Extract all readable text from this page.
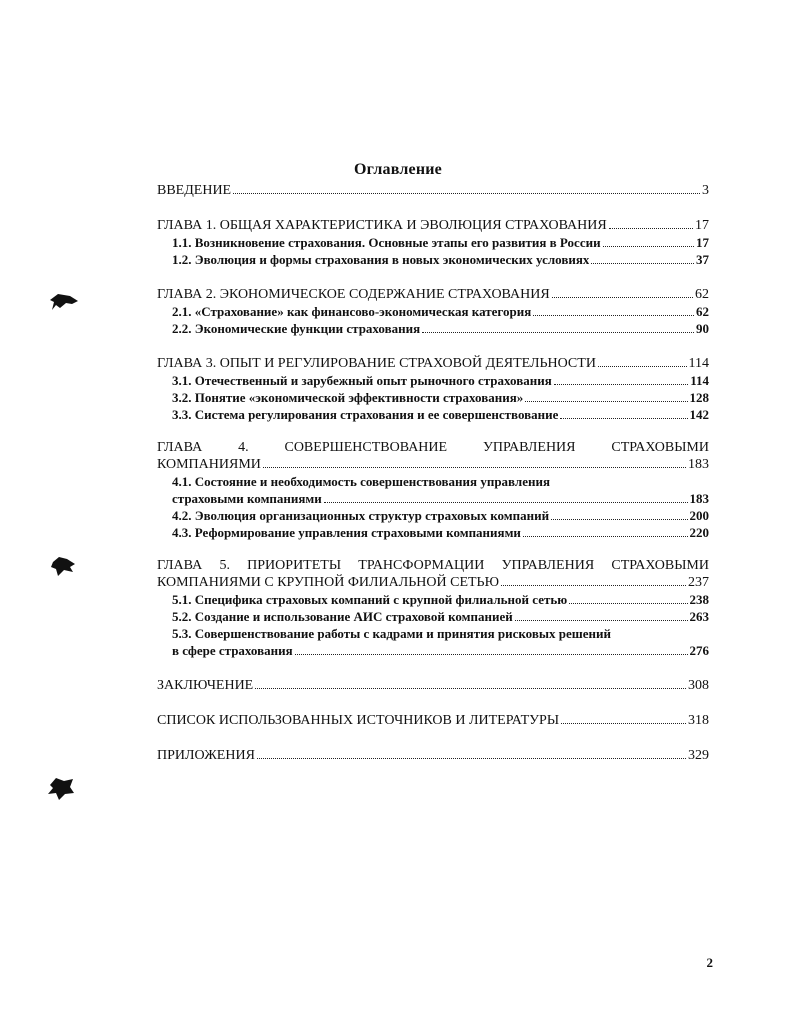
Оглавление
ВВЕДЕНИЕ	3
ГЛАВА 1. ОБЩАЯ ХАРАКТЕРИСТИКА И ЭВОЛЮЦИЯ СТРАХОВАНИЯ	17
1.1. Возникновение страхования. Основные этапы его развития в России	17
1.2. Эволюция и формы страхования в новых экономических условиях	37
ГЛАВА 2. ЭКОНОМИЧЕСКОЕ СОДЕРЖАНИЕ СТРАХОВАНИЯ	62
2.1. «Страхование» как финансово-экономическая категория	62
2.2. Экономические функции страхования	90
ГЛАВА 3. ОПЫТ И РЕГУЛИРОВАНИЕ СТРАХОВОЙ ДЕЯТЕЛЬНОСТИ	114
3.1. Отечественный и зарубежный опыт рыночного страхования	114
3.2. Понятие «экономической эффективности страхования»	128
3.3. Система регулирования страхования и ее совершенствование	142
ГЛАВА 4. СОВЕРШЕНСТВОВАНИЕ УПРАВЛЕНИЯ СТРАХОВЫМИ
КОМПАНИЯМИ	183
4.1. Состояние и необходимость совершенствования управления
страховыми компаниями	183
4.2. Эволюция организационных структур страховых компаний	200
4.3. Реформирование управления страховыми компаниями	220
ГЛАВА 5. ПРИОРИТЕТЫ ТРАНСФОРМАЦИИ УПРАВЛЕНИЯ СТРАХОВЫМИ
КОМПАНИЯМИ С КРУПНОЙ ФИЛИАЛЬНОЙ СЕТЬЮ	237
5.1. Специфика страховых компаний с крупной филиальной сетью	238
5.2. Создание и использование АИС страховой компанией	263
5.3. Совершенствование работы с кадрами и принятия рисковых решений
в сфере страхования	276
ЗАКЛЮЧЕНИЕ	308
СПИСОК ИСПОЛЬЗОВАННЫХ ИСТОЧНИКОВ И ЛИТЕРАТУРЫ	318
ПРИЛОЖЕНИЯ	329
2
